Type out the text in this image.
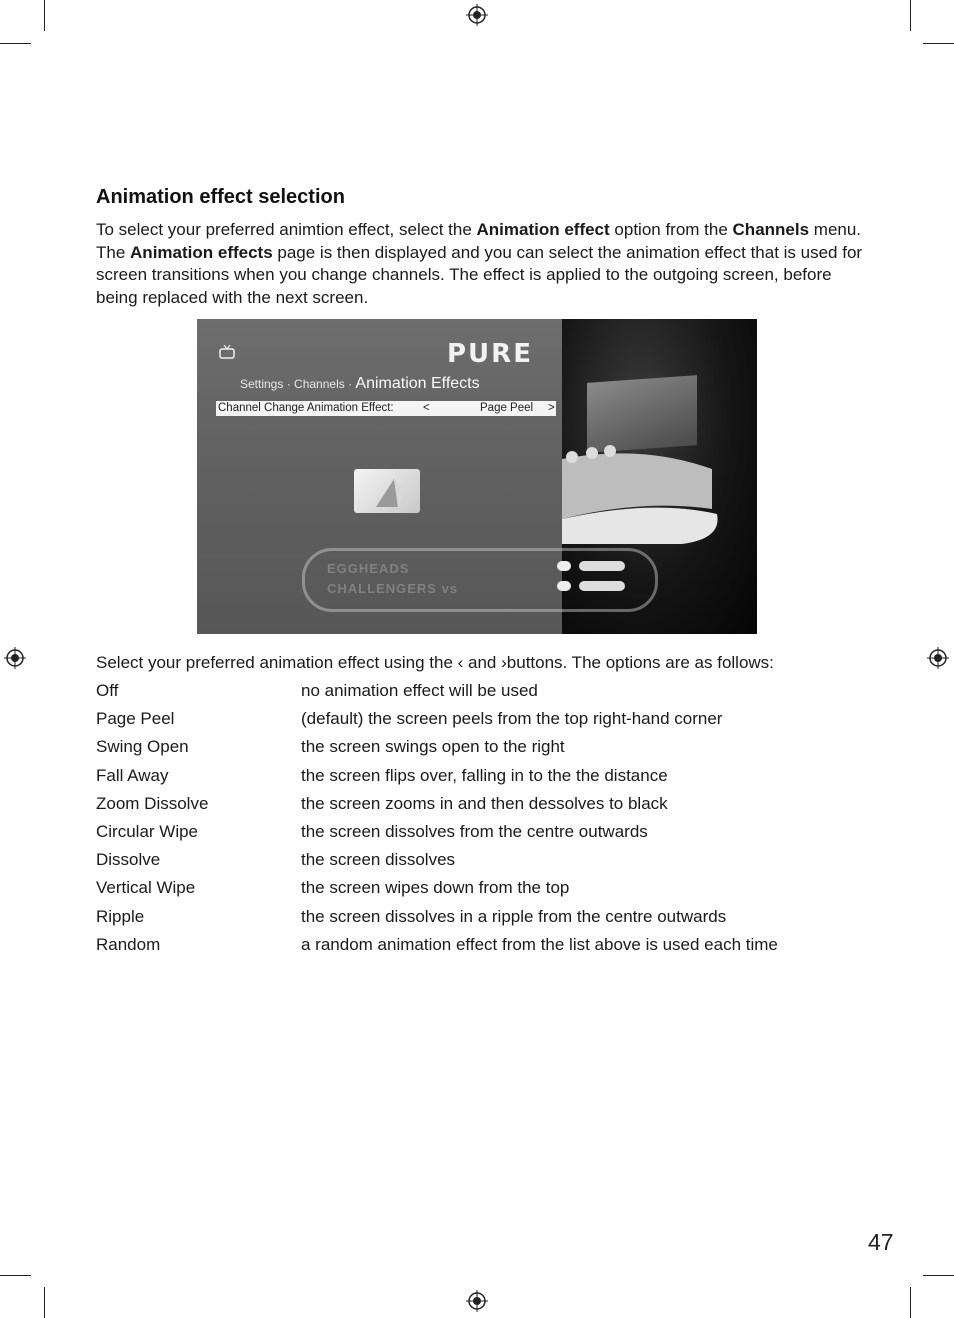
Animation effect selection

To select your preferred animtion effect, select the Animation effect option from the Channels menu. The Animation effects page is then displayed and you can select the animation effect that is used for screen transitions when you change channels. The effect is applied to the outgoing screen, before being replaced with the next screen.

PURE
Settings · Channels · Animation Effects
Channel Change Animation Effect:	<	Page Peel >
EGGHEADS
CHALLENGERS vs

Select your preferred animation effect using the ‹ and ›buttons. The options are as follows:

Off	no animation effect will be used
Page Peel	(default) the screen peels from the top right-hand corner
Swing Open	the screen swings open to the right
Fall Away	the screen flips over, falling in to the the distance
Zoom Dissolve	the screen zooms in and then dessolves to black
Circular Wipe	the screen dissolves from the centre outwards
Dissolve	the screen dissolves
Vertical Wipe	the screen wipes down from the top
Ripple	the screen dissolves in a ripple from the centre outwards
Random	a random animation effect from the list above is used each time
47
